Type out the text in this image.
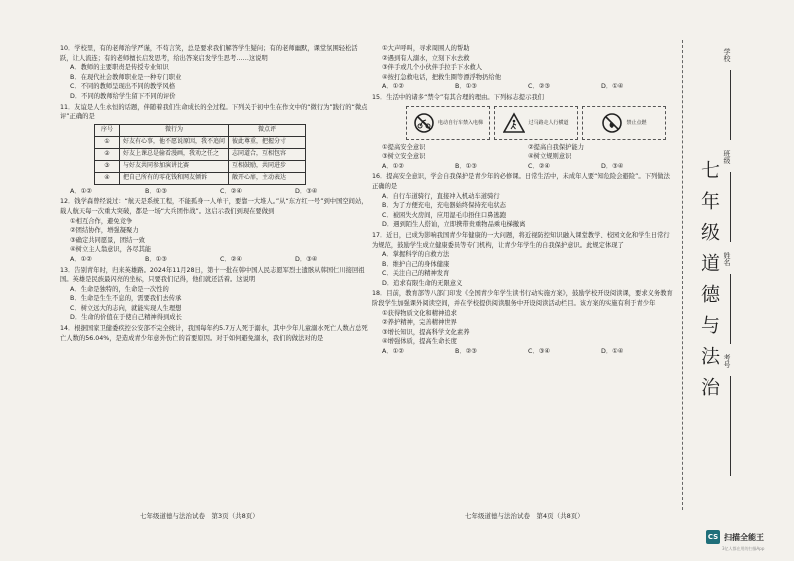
10．学校里，有的老师治学严谨，不苟言笑，总是要求我们解答学生疑问；有的老师幽默，课堂氛围轻松活跃，让人流连；有的老师擅长启发思考，给出答案启发学生思考……这说明
A．教师的主要职责是传授专业知识
B．在现代社会教师职业是一种专门职业
C．不同的教师呈现出不同的教学风格
D．不同的教师给学生留下不同的评价
11．友谊是人生永恒的话题，伴随着我们生命成长的全过程。下列关于初中生在作文中的“微行为”践行的“微点评”正确的是
序号	微行为	微点评
①	好友有心事，他不愿说原因，我不追问	彼此尊重，把握分寸
②	好友上课总是偷看漫画，我劝之任之	志同道合，互相包容
③	与好友共同参加演讲比赛	互相鼓励，共同进步
④	把自己所有的零花钱和网友倾诉	敞开心扉，主动表达
A．①②	B．①③	C．②④	D．③④
12．钱学森曾经说过：“航天是系统工程，不能孤身一人单干，要靠一大堆人。”从“东方红一号”到中国空间站，载人航天每一次重大突破，都是一场“大兵团作战”。这启示我们到现在要做到
①相互合作，避免竞争
②团结协作，增强凝聚力
③确定共同愿景，团结一致
④树立主人翁意识，各尽其能
A．①②	B．①③	C．②④	D．③④
13．告别青年时，归来英雄路。2024年11月28日，第十一批在韩中国人民志愿军烈士遗骸从韩国仁川接回祖国。英雄是民族最闪亮的坐标，只要我们记得，他们就还活着。这说明
A．生命是独特的，生命是一次性的
B．生命是生生不息的，需要我们去传承
C．树立远大的志向，就能实现人生理想
D．生命的价值在于使自己精神得到成长
14．根据国家卫健委疾控公安部不完全统计，我国每年约5.7万人死于溺水，其中少年儿童溺水死亡人数占总死亡人数的56.04%，是造成青少年意外伤亡的首要原因。对于如何避免溺水，我们的做法对的是
七年级道德与法治试卷　第3页（共8页）
①大声呼叫，寻求周围人的帮助
②遇到有人溺水，立刻下水去救
③伴手或几个小伙伴手拉手下水救人
④按打急救电话，把救生圈等漂浮物扔给他
A．①②	B．①③	C．②③	D．①④
15．生活中的诸多“禁令”有其合理的理由。下列标志提示我们
电动自行车禁入电梯	过马路走人行横道	禁止点燃
①提高安全意识	②提高自我保护能力
③树立安全意识	④树立规则意识
A．①②	B．①③	C．②④	D．③④
16．提高安全意识，学会自我保护是青少年的必修课。日常生活中，未成年人要“知危险会避险”。下列做法正确的是
A．自行车道骑行，直接冲入机动车道骑行
B．为了方便充电，充电器始终保持充电状态
C．被困失火房间，应用湿毛巾捂住口鼻逃跑
D．遇到陌生人搭讪，立即携带贵重物品乘电梯撤离
17．近日，已成为影响我国青少年健康的一大问题，将近视防控知识融入课堂教学、校园文化和学生日常行为规范，鼓励学生成立健康委员等专门机构，让青少年学生的自我保护意识。此规定体现了
A．掌握科学的自救方法
B．维护自己的身体健康
C．关注自己的精神发育
D．追求有限生命的无限意义
18．目前，教育部等八部门印发《全国青少年学生读书行动实施方案》，鼓励学校开设阅读课，要求义务教育阶段学生加强课外阅读空间，并在学校提供阅读服务中开设阅读活动栏目。该方案的实施有利于青少年
①获得物质文化和精神追求
②养护精神，完善精神世界
③增长知识，提高科学文化素养
④增强体质，提高生命长度
A．①②	B．②③	C．③④	D．①④
七年级道德与法治试卷　第4页（共8页）
七年级道德与法治
学校
班级
姓名
考号
CS 扫描全能王
3亿人都在用的扫描App
